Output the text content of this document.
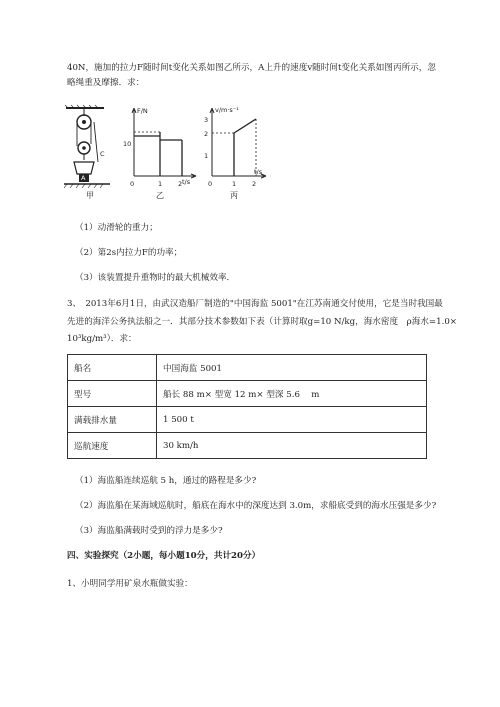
40N，施加的拉力F随时间t变化关系如图乙所示，A上升的速度v随时间t变化关系如图丙所示，忽
略绳重及摩擦．求：
C
A
甲
F/N
t/s
10
0	1 2
乙
v/m·s⁻¹
t/s
3
2
1
0	1 2
丙
（1）动滑轮的重力；
（2）第2s内拉力F的功率；
（3）该装置提升重物时的最大机械效率．
3、　2013年6月1日，由武汉造船厂制造的"中国海监 5001"在江苏南通交付使用，它是当时我国最
先进的海洋公务执法船之一．其部分技术参数如下表（计算时取g=10 N/kg，海水密度　ρ海水=1.0×
10³kg/m³）．求：
船名	中国海监 5001
型号	船长 88 m× 型宽 12 m× 型深 5.6　 m
满载排水量	1 500 t
巡航速度	30 km/h
（1）海监船连续巡航 5 h，通过的路程是多少?
（2）海监船在某海域巡航时，船底在海水中的深度达到 3.0m，求船底受到的海水压强是多少?
（3）海监船满载时受到的浮力是多少?
四、实验探究（2小题，每小题10分，共计20分）
1、小明同学用矿泉水瓶做实验：
